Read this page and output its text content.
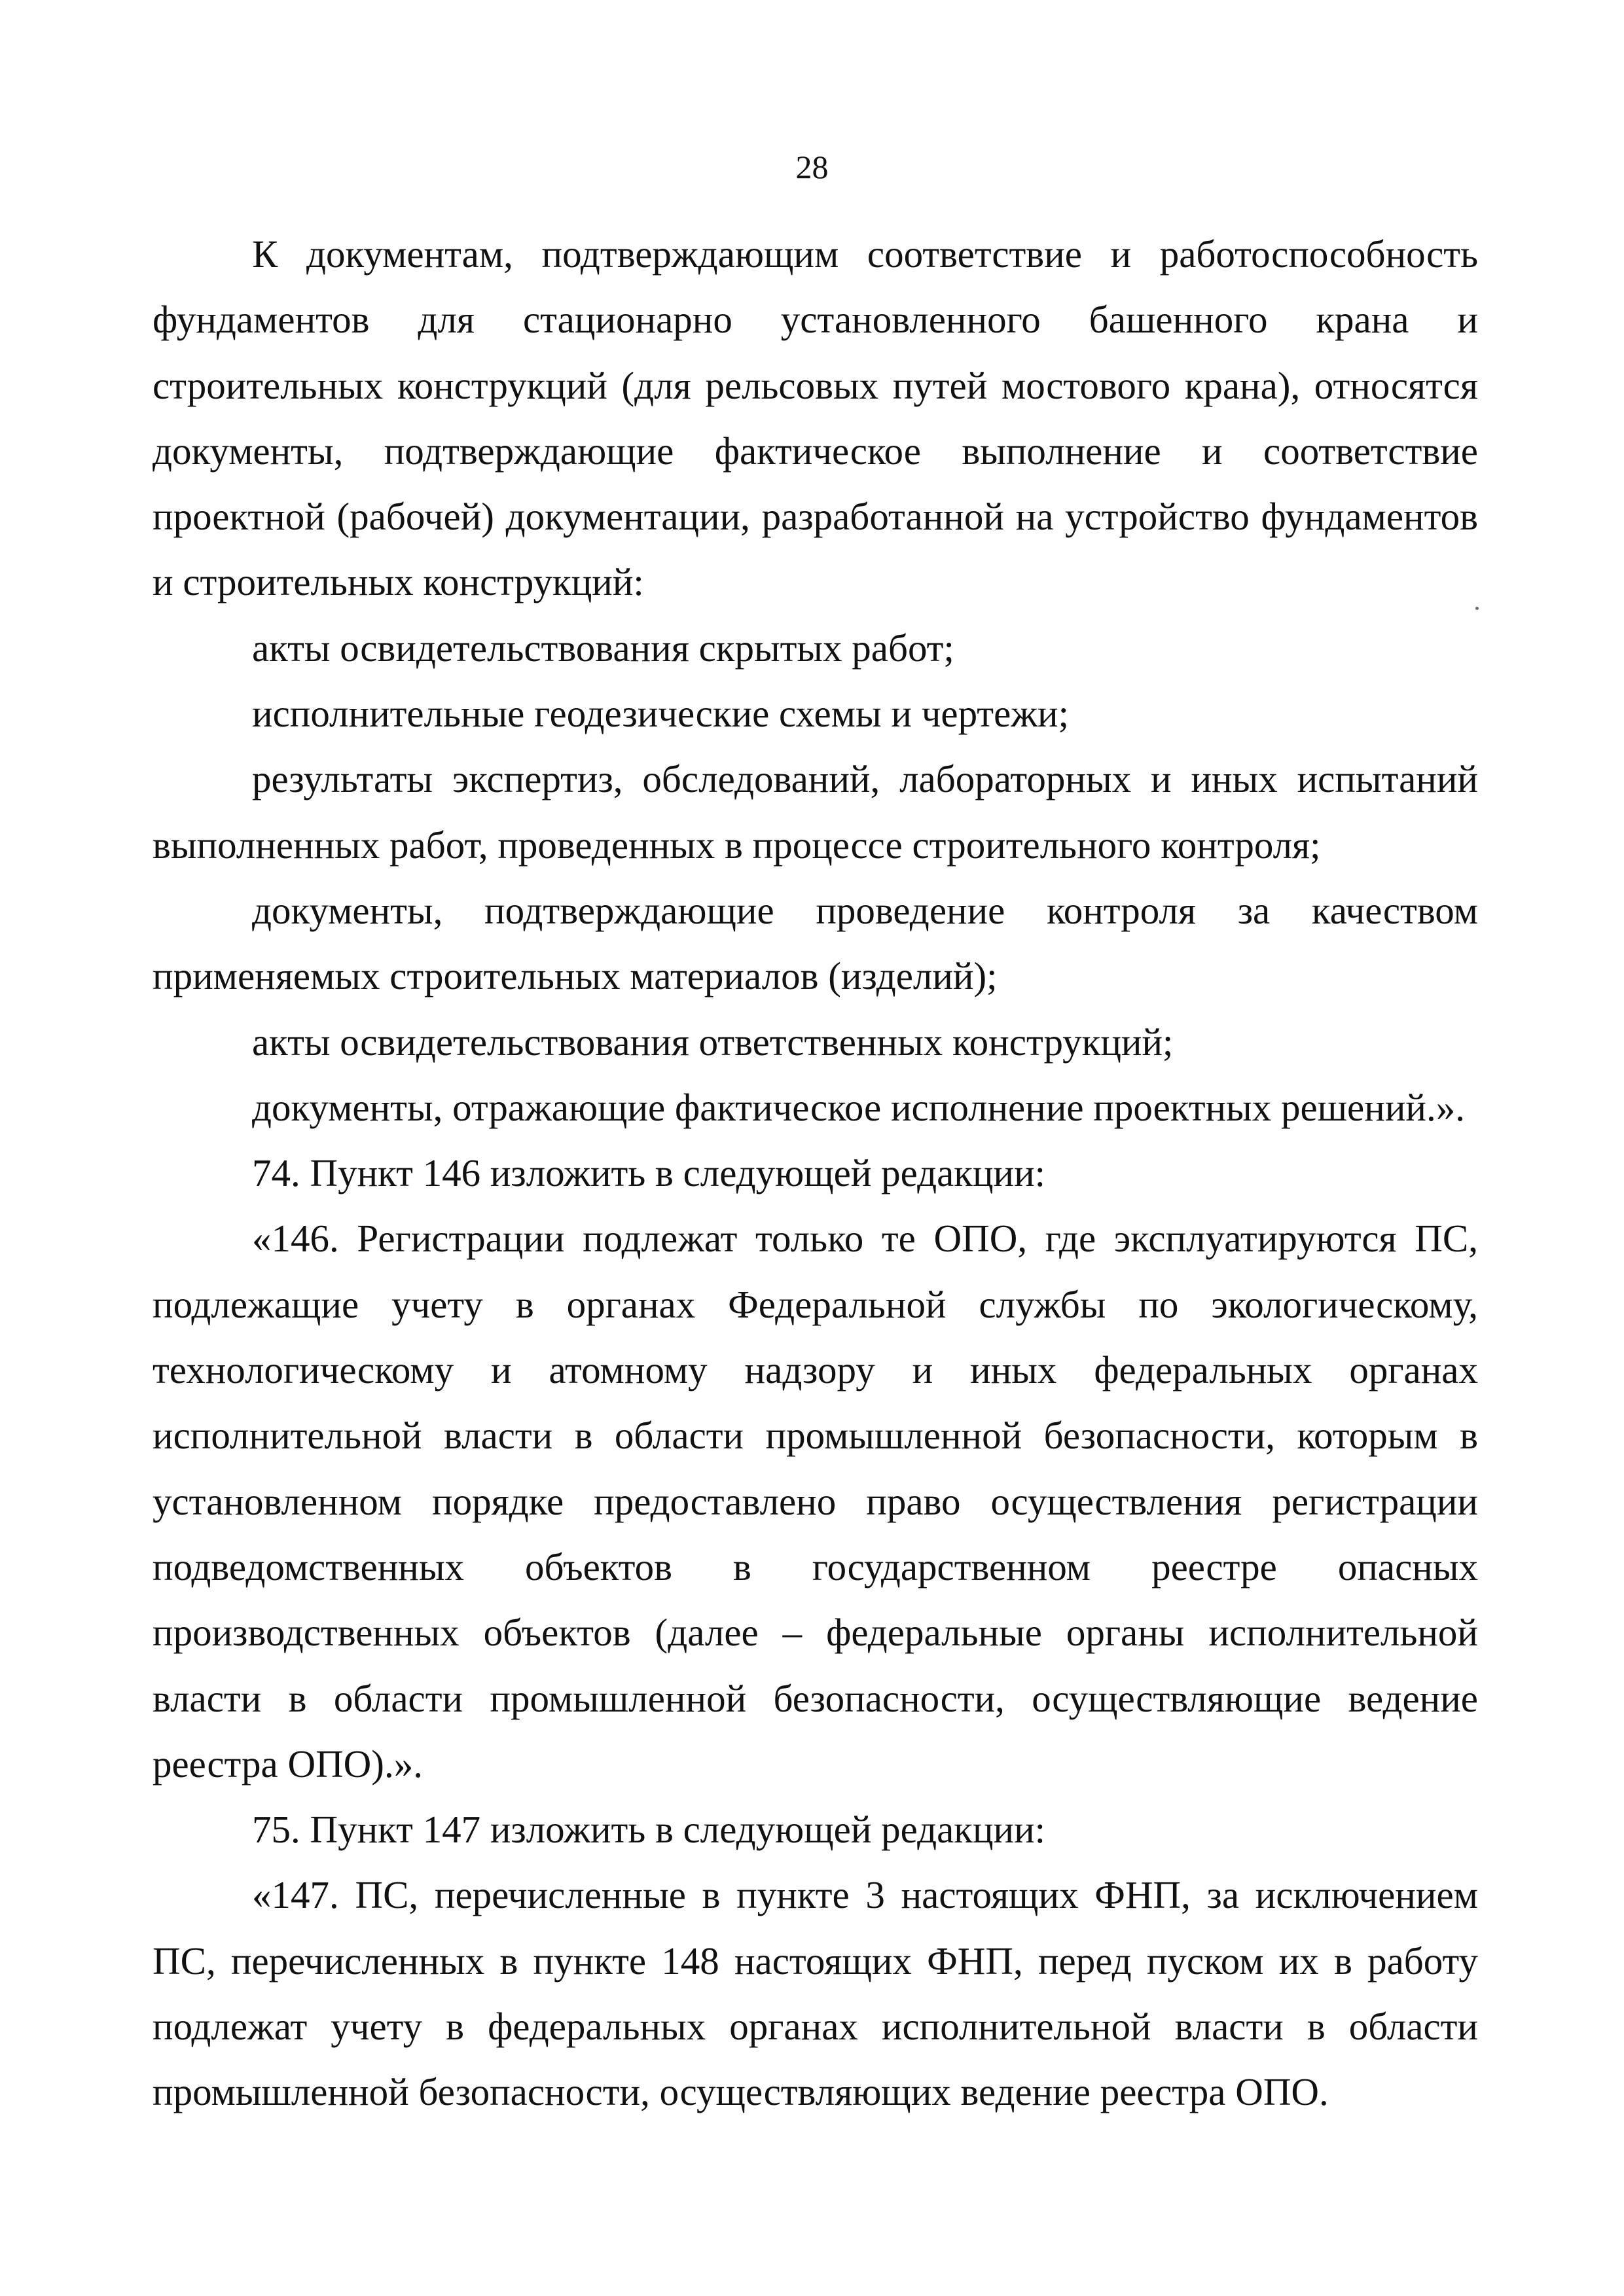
28

К документам, подтверждающим соответствие и работоспособность фундаментов для стационарно установленного башенного крана и строительных конструкций (для рельсовых путей мостового крана), относятся документы, подтверждающие фактическое выполнение и соответствие проектной (рабочей) документации, разработанной на устройство фундаментов и строительных конструкций:

акты освидетельствования скрытых работ;

исполнительные геодезические схемы и чертежи;

результаты экспертиз, обследований, лабораторных и иных испытаний выполненных работ, проведенных в процессе строительного контроля;

документы, подтверждающие проведение контроля за качеством применяемых строительных материалов (изделий);

акты освидетельствования ответственных конструкций;

документы, отражающие фактическое исполнение проектных решений.».

74. Пункт 146 изложить в следующей редакции:

«146. Регистрации подлежат только те ОПО, где эксплуатируются ПС, подлежащие учету в органах Федеральной службы по экологическому, технологическому и атомному надзору и иных федеральных органах исполнительной власти в области промышленной безопасности, которым в установленном порядке предоставлено право осуществления регистрации подведомственных объектов в государственном реестре опасных производственных объектов (далее – федеральные органы исполнительной власти в области промышленной безопасности, осуществляющие ведение реестра ОПО).».

75. Пункт 147 изложить в следующей редакции:

«147. ПС, перечисленные в пункте 3 настоящих ФНП, за исключением ПС, перечисленных в пункте 148 настоящих ФНП, перед пуском их в работу подлежат учету в федеральных органах исполнительной власти в области промышленной безопасности, осуществляющих ведение реестра ОПО.
